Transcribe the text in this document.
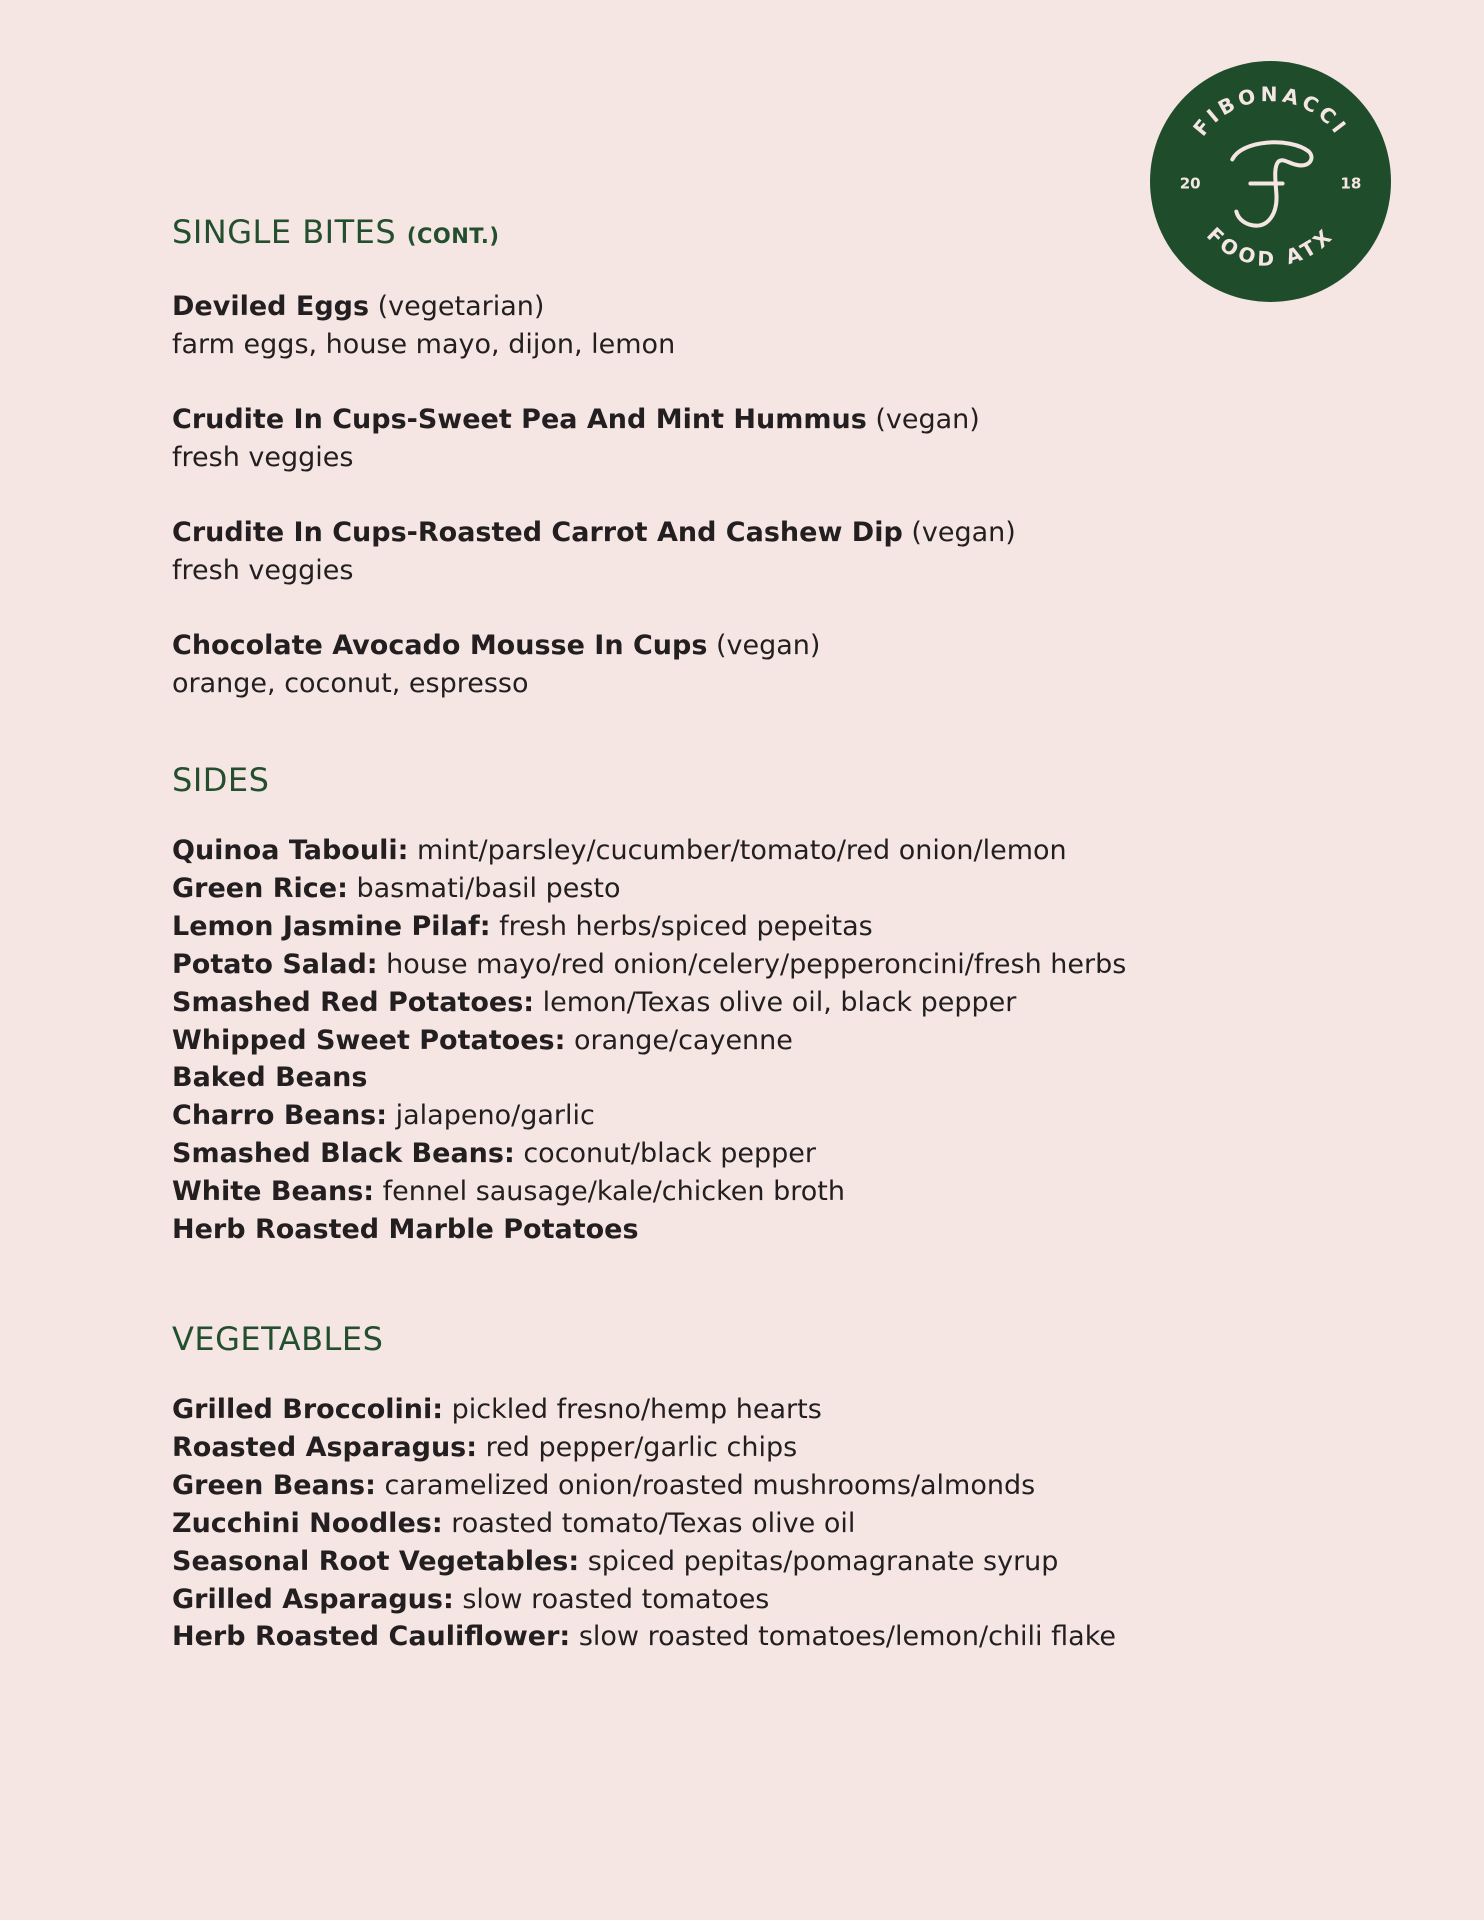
FIBONACCI
FOOD ATX
20	18
SINGLE BITES (CONT.)
Deviled Eggs (vegetarian)
farm eggs, house mayo, dijon, lemon
Crudite In Cups-Sweet Pea And Mint Hummus (vegan)
fresh veggies
Crudite In Cups-Roasted Carrot And Cashew Dip (vegan)
fresh veggies
Chocolate Avocado Mousse In Cups (vegan)
orange, coconut, espresso
SIDES
Quinoa Tabouli: mint/parsley/cucumber/tomato/red onion/lemon
Green Rice: basmati/basil pesto
Lemon Jasmine Pilaf: fresh herbs/spiced pepeitas
Potato Salad: house mayo/red onion/celery/pepperoncini/fresh herbs
Smashed Red Potatoes: lemon/Texas olive oil, black pepper
Whipped Sweet Potatoes: orange/cayenne
Baked Beans
Charro Beans: jalapeno/garlic
Smashed Black Beans: coconut/black pepper
White Beans: fennel sausage/kale/chicken broth
Herb Roasted Marble Potatoes
VEGETABLES
Grilled Broccolini: pickled fresno/hemp hearts
Roasted Asparagus: red pepper/garlic chips
Green Beans: caramelized onion/roasted mushrooms/almonds
Zucchini Noodles: roasted tomato/Texas olive oil
Seasonal Root Vegetables: spiced pepitas/pomagranate syrup
Grilled Asparagus: slow roasted tomatoes
Herb Roasted Cauliflower: slow roasted tomatoes/lemon/chili flake
